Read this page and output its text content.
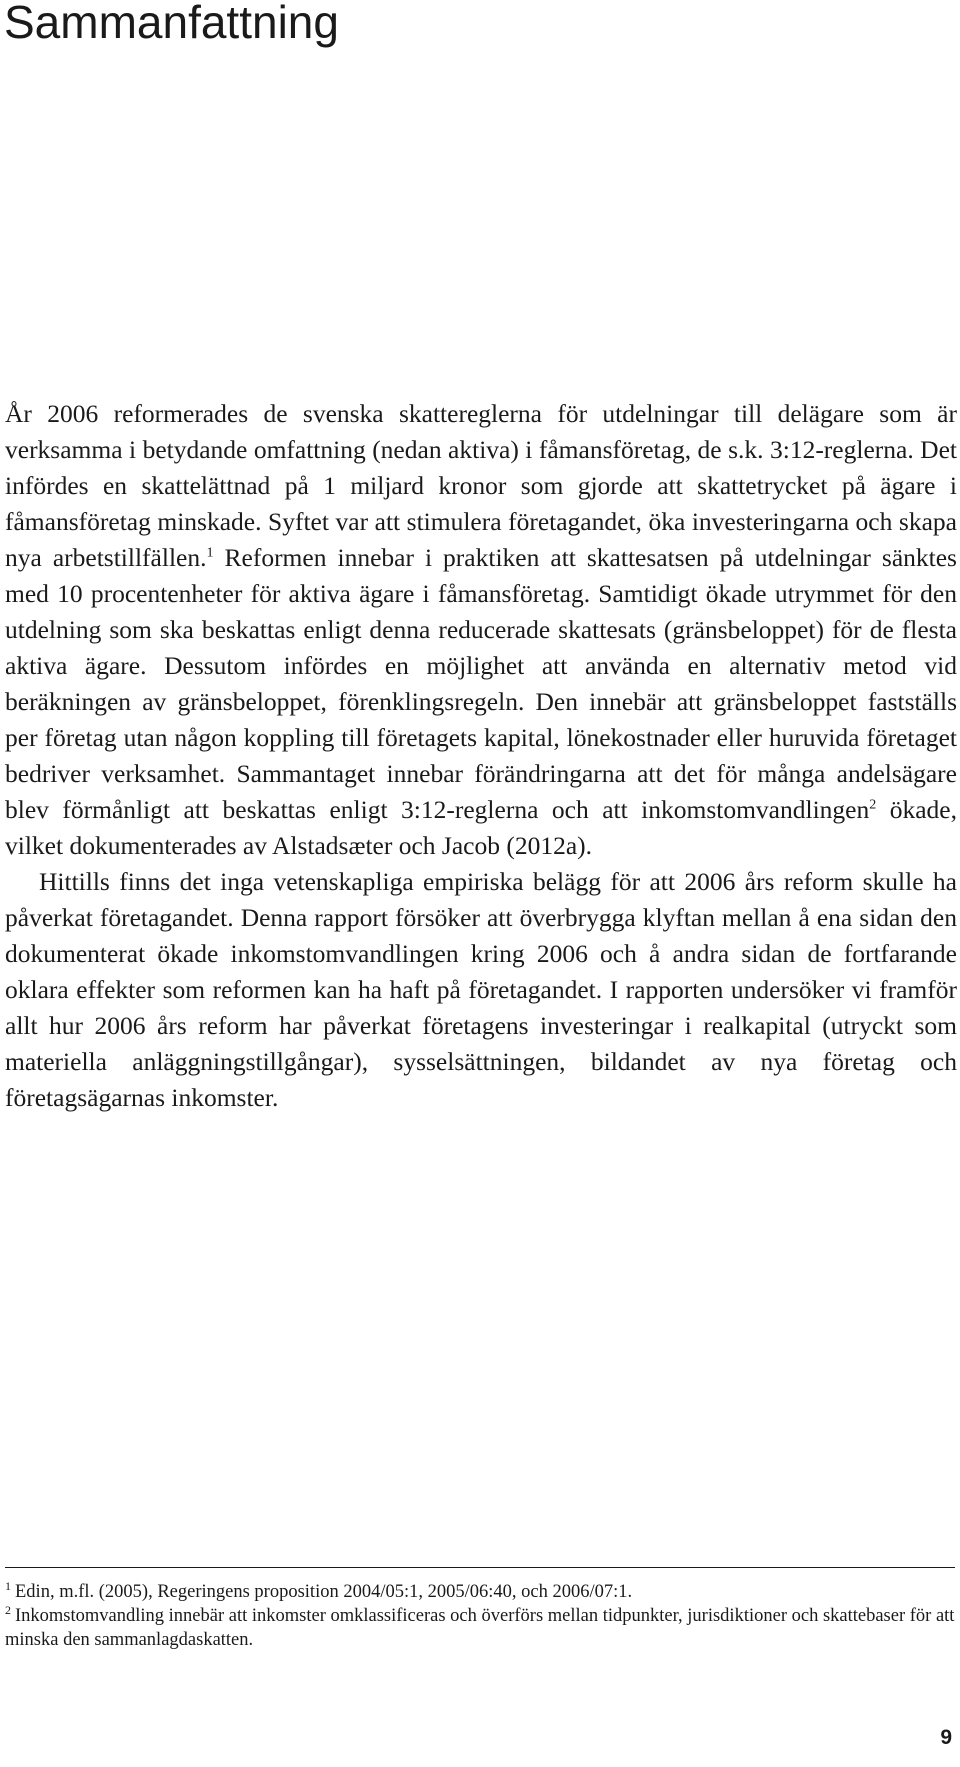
Sammanfattning

År 2006 reformerades de svenska skattereglerna för utdelningar till delägare som är verksamma i betydande omfattning (nedan aktiva) i fåmansföretag, de s.k. 3:12-reglerna. Det infördes en skattelättnad på 1 miljard kronor som gjorde att skattetrycket på ägare i fåmansföretag minskade. Syftet var att stimulera företagandet, öka investeringarna och skapa nya arbetstillfällen.$^1$ Reformen innebar i praktiken att skattesatsen på utdelningar sänktes med 10 procentenheter för aktiva ägare i fåmansföretag. Samtidigt ökade utrymmet för den utdelning som ska beskattas enligt denna reducerade skattesats (gränsbeloppet) för de flesta aktiva ägare. Dessutom infördes en möjlighet att använda en alternativ metod vid beräkningen av gränsbeloppet, förenklingsregeln. Den innebär att gränsbeloppet fastställs per företag utan någon koppling till företagets kapital, lönekostnader eller huruvida företaget bedriver verksamhet. Sammantaget innebar förändringarna att det för många andelsägare blev förmånligt att beskattas enligt 3:12-reglerna och att inkomstomvandlingen$^2$ ökade, vilket dokumenterades av Alstadsæter och Jacob (2012a).

Hittills finns det inga vetenskapliga empiriska belägg för att 2006 års reform skulle ha påverkat företagandet. Denna rapport försöker att överbrygga klyftan mellan å ena sidan den dokumenterat ökade inkomstomvandlingen kring 2006 och å andra sidan de fortfarande oklara effekter som reformen kan ha haft på företagandet. I rapporten undersöker vi framför allt hur 2006 års reform har påverkat företagens investeringar i realkapital (utryckt som materiella anläggningstillgångar), sysselsättningen, bildandet av nya företag och företagsägarnas inkomster.

$^1$ Edin, m.fl. (2005), Regeringens proposition 2004/05:1, 2005/06:40, och 2006/07:1.

$^2$ Inkomstomvandling innebär att inkomster omklassificeras och överförs mellan tidpunkter, jurisdiktioner och skattebaser för att minska den sammanlagdaskatten.

9
